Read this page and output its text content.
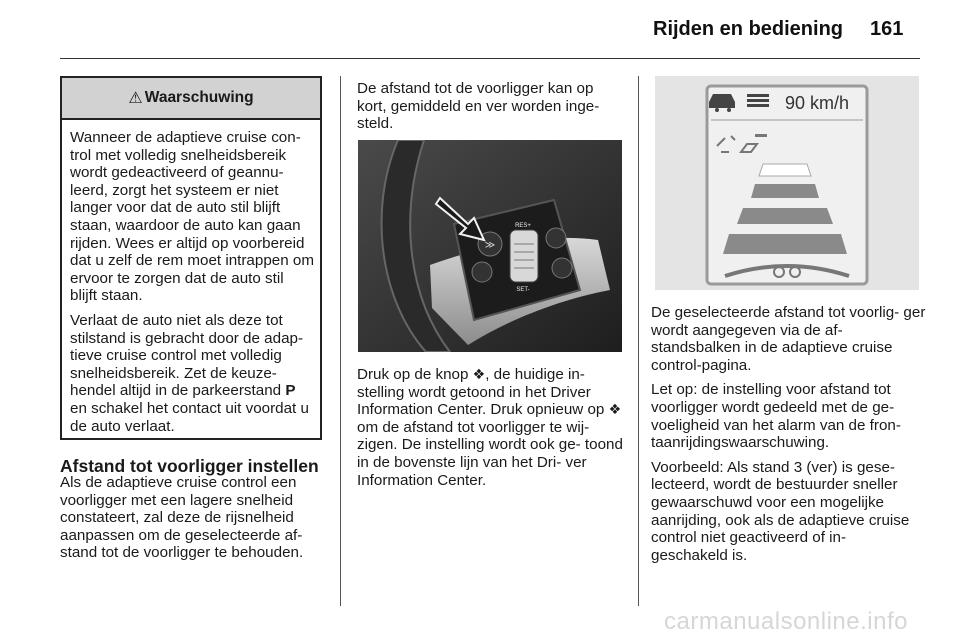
Rijden en bediening 161
⚠ Waarschuwing

Wanneer de adaptieve cruise con- trol met volledig snelheidsbereik wordt gedeactiveerd of geannu- leerd, zorgt het systeem er niet langer voor dat de auto stil blijft staan, waardoor de auto kan gaan rijden. Wees er altijd op voorbereid dat u zelf de rem moet intrappen om ervoor te zorgen dat de auto stil blijft staan.

Verlaat de auto niet als deze tot stilstand is gebracht door de adap- tieve cruise control met volledig snelheidsbereik. Zet de keuze- hendel altijd in de parkeerstand P en schakel het contact uit voordat u de auto verlaat.

Afstand tot voorligger instellen
Als de adaptieve cruise control een voorligger met een lagere snelheid constateert, zal deze de rijsnelheid aanpassen om de geselecteerde af- stand tot de voorligger te behouden.
De afstand tot de voorligger kan op kort, gemiddeld en ver worden inge- steld.
≫
RES+
SET-
Druk op de knop ❖, de huidige in- stelling wordt getoond in het Driver Information Center. Druk opnieuw op ❖ om de afstand tot voorligger te wij- zigen. De instelling wordt ook ge- toond in de bovenste lijn van het Dri- ver Information Center.
90 km/h

De geselecteerde afstand tot voorlig- ger wordt aangegeven via de af- standsbalken in de adaptieve cruise control-pagina.

Let op: de instelling voor afstand tot voorligger wordt gedeeld met de ge- voeligheid van het alarm van de fron- taanrijdingswaarschuwing.

Voorbeeld: Als stand 3 (ver) is gese- lecteerd, wordt de bestuurder sneller gewaarschuwd voor een mogelijke aanrijding, ook als de adaptieve cruise control niet geactiveerd of in- geschakeld is.

carmanualsonline.info
